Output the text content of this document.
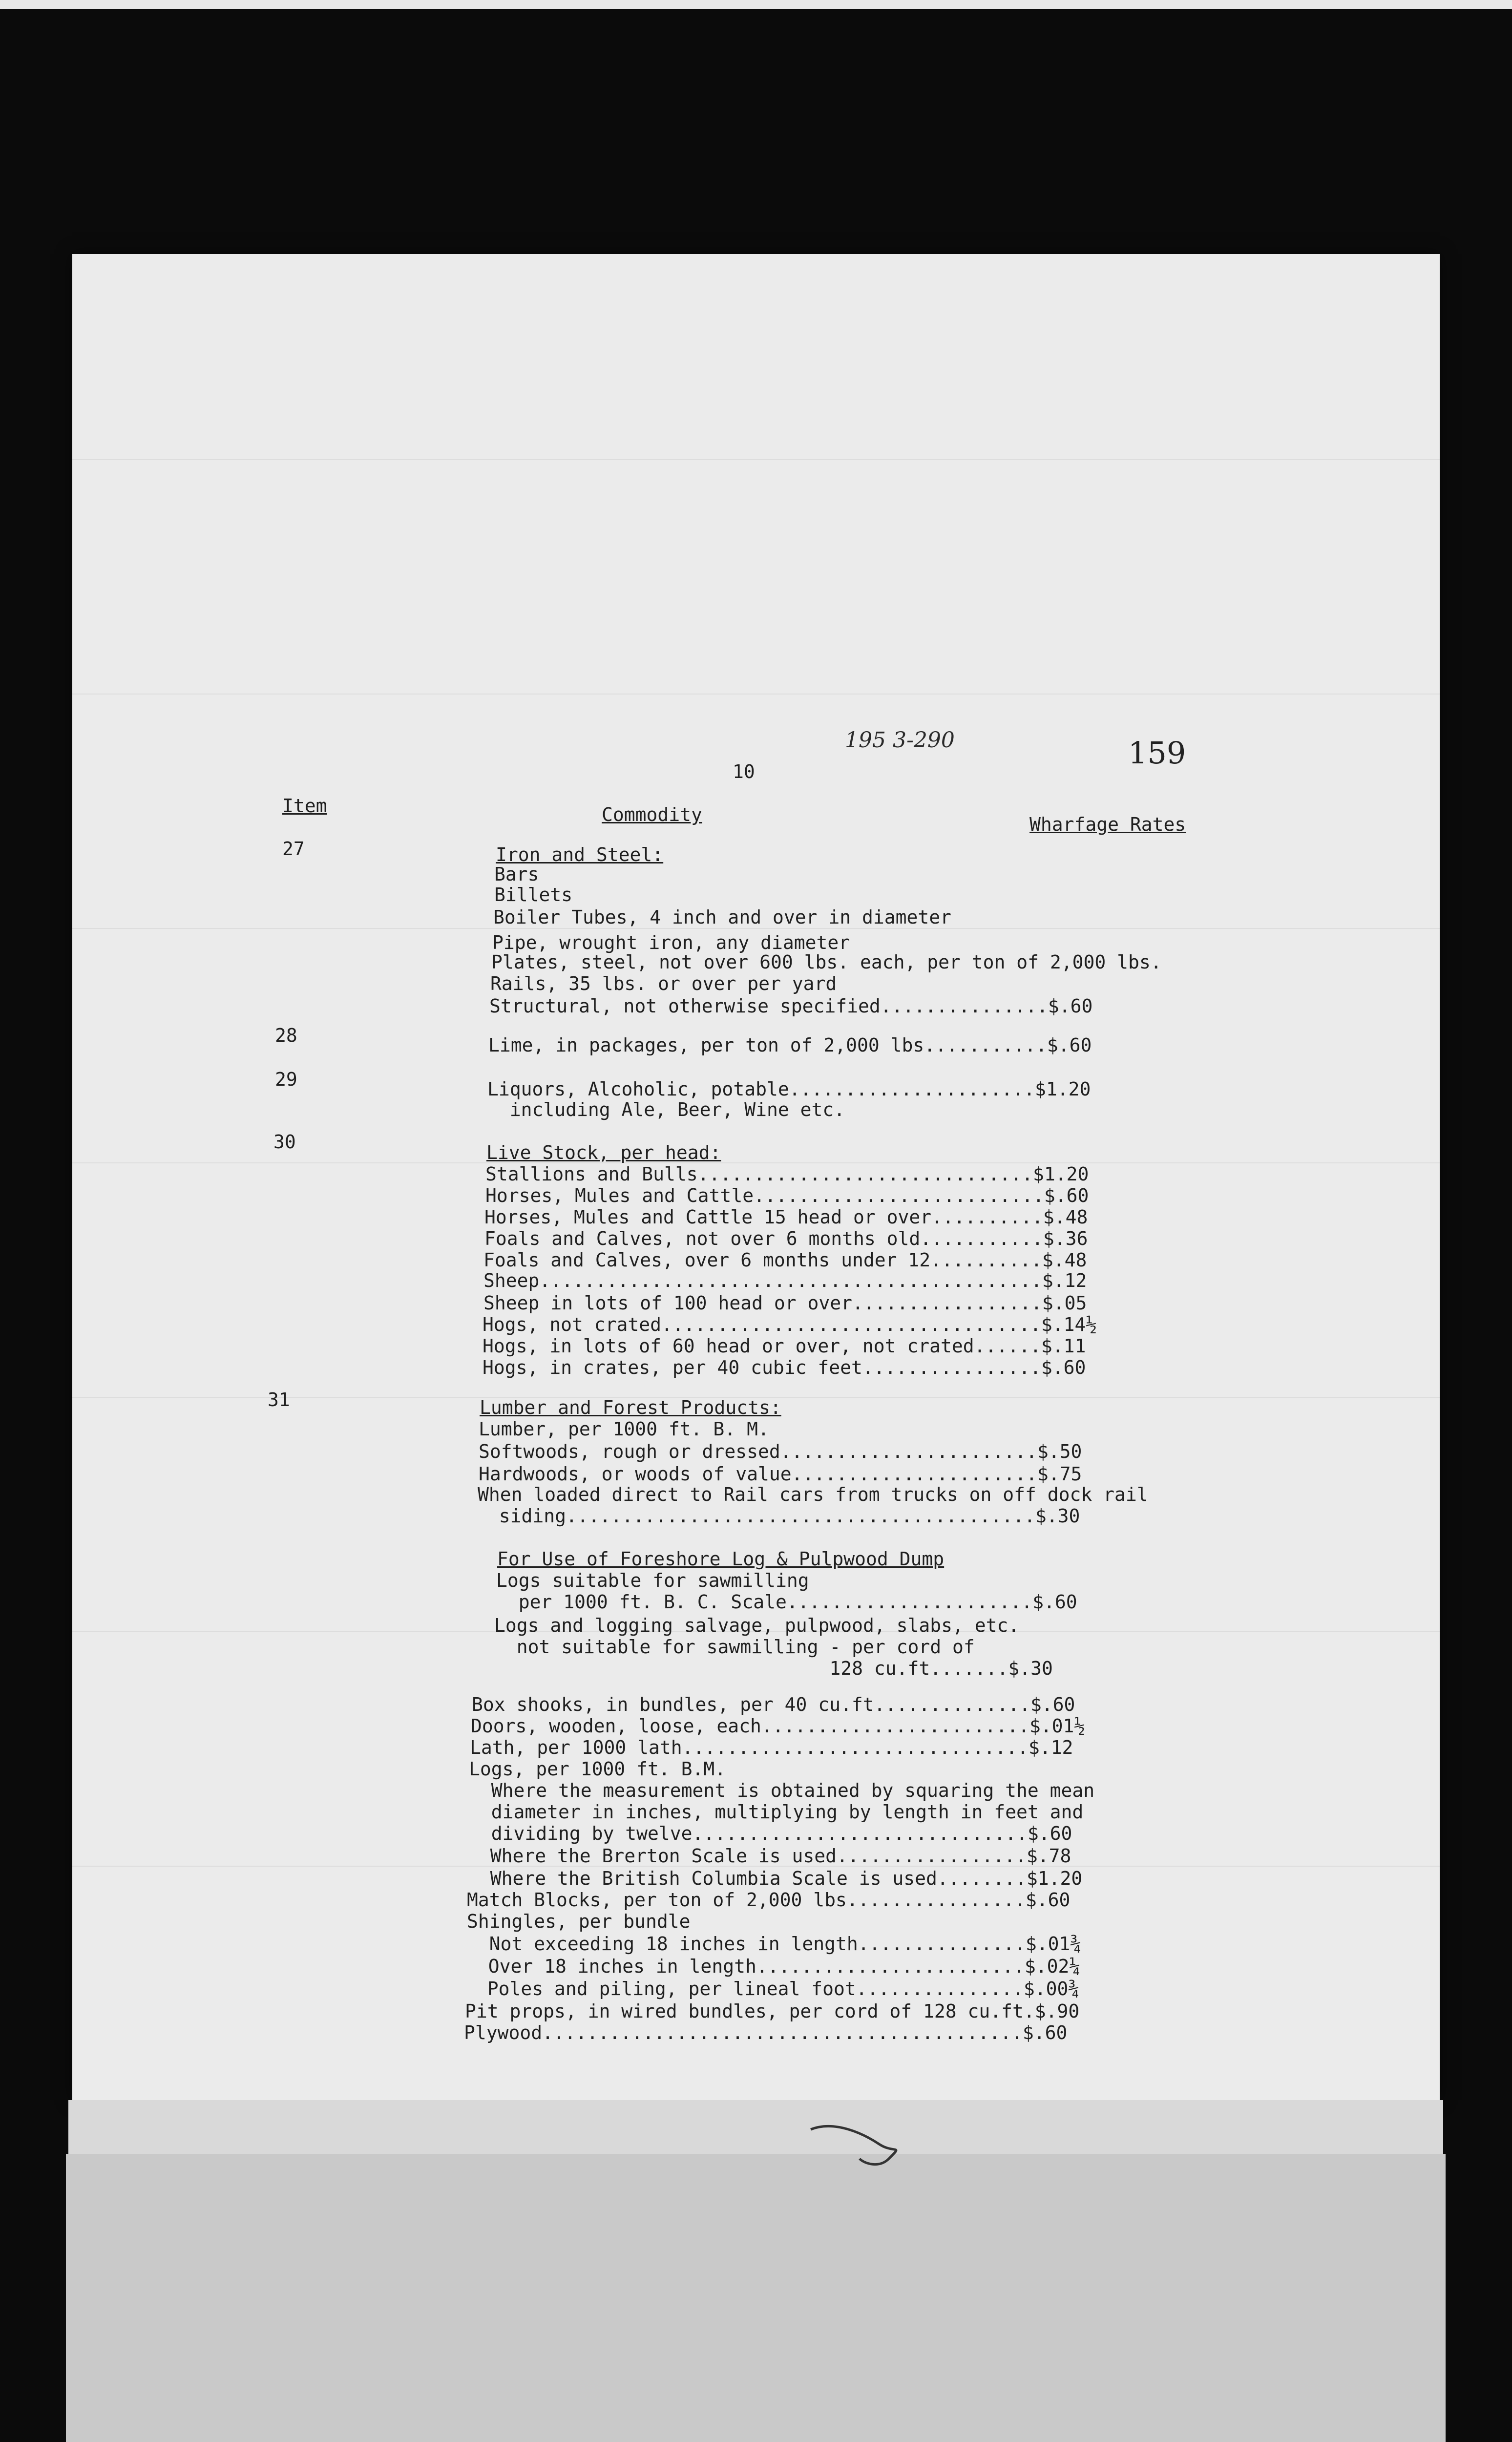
195 3-290	159
10
Item	Commodity	Wharfage Rates
27	Iron and Steel:
Bars
Billets
Boiler Tubes, 4 inch and over in diameter
Pipe, wrought iron, any diameter
Plates, steel, not over 600 lbs. each, per ton of 2,000 lbs.
Rails, 35 lbs. or over per yard
Structural, not otherwise specified...............$.60
28	Lime, in packages, per ton of 2,000 lbs...........$.60
29	Liquors, Alcoholic, potable......................$1.20
including Ale, Beer, Wine etc.
30	Live Stock, per head:
Stallions and Bulls..............................$1.20
Horses, Mules and Cattle..........................$.60
Horses, Mules and Cattle 15 head or over..........$.48
Foals and Calves, not over 6 months old...........$.36
Foals and Calves, over 6 months under 12..........$.48
Sheep.............................................$.12
Sheep in lots of 100 head or over.................$.05
Hogs, not crated..................................$.14½
Hogs, in lots of 60 head or over, not crated......$.11
Hogs, in crates, per 40 cubic feet................$.60
31	Lumber and Forest Products:
Lumber, per 1000 ft. B. M.
Softwoods, rough or dressed.......................$.50
Hardwoods, or woods of value......................$.75
When loaded direct to Rail cars from trucks on off dock rail
siding..........................................$.30
For Use of Foreshore Log & Pulpwood Dump
Logs suitable for sawmilling
per 1000 ft. B. C. Scale......................$.60
Logs and logging salvage, pulpwood, slabs, etc.
not suitable for sawmilling - per cord of
128 cu.ft.......$.30
Box shooks, in bundles, per 40 cu.ft..............$.60
Doors, wooden, loose, each........................$.01½
Lath, per 1000 lath...............................$.12
Logs, per 1000 ft. B.M.
Where the measurement is obtained by squaring the mean
diameter in inches, multiplying by length in feet and
dividing by twelve..............................$.60
Where the Brerton Scale is used.................$.78
Where the British Columbia Scale is used........$1.20
Match Blocks, per ton of 2,000 lbs................$.60
Shingles, per bundle
Not exceeding 18 inches in length...............$.01¾
Over 18 inches in length........................$.02¼
Poles and piling, per lineal foot...............$.00¾
Pit props, in wired bundles, per cord of 128 cu.ft.$.90
Plywood...........................................$.60
